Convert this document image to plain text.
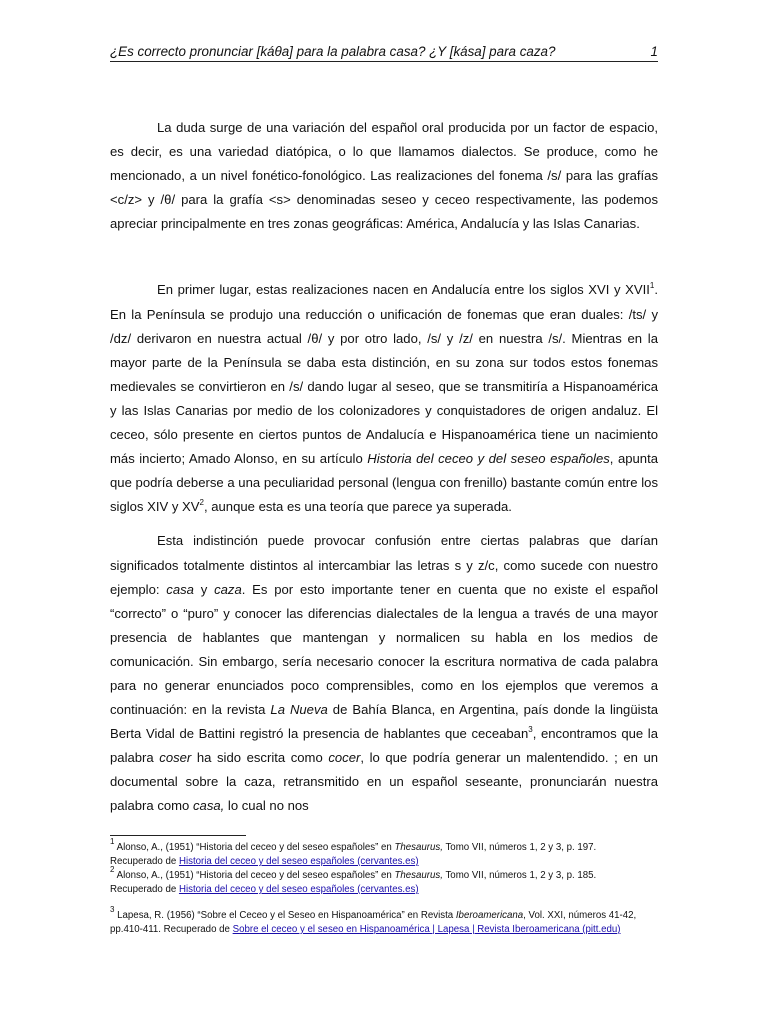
¿Es correcto pronunciar [káθa] para la palabra casa? ¿Y [kása] para caza?	1

La duda surge de una variación del español oral producida por un factor de espacio, es decir, es una variedad diatópica, o lo que llamamos dialectos. Se produce, como he mencionado, a un nivel fonético-fonológico. Las realizaciones del fonema /s/ para las grafías <c/z> y /θ/ para la grafía <s> denominadas seseo y ceceo respectivamente, las podemos apreciar principalmente en tres zonas geográficas: América, Andalucía y las Islas Canarias.

En primer lugar, estas realizaciones nacen en Andalucía entre los siglos XVI y XVII$^1$. En la Península se produjo una reducción o unificación de fonemas que eran duales: /ts/ y /dz/ derivaron en nuestra actual /θ/ y por otro lado, /s/ y /z/ en nuestra /s/. Mientras en la mayor parte de la Península se daba esta distinción, en su zona sur todos estos fonemas medievales se convirtieron en /s/ dando lugar al seseo, que se transmitiría a Hispanoamérica y las Islas Canarias por medio de los colonizadores y conquistadores de origen andaluz. El ceceo, sólo presente en ciertos puntos de Andalucía e Hispanoamérica tiene un nacimiento más incierto; Amado Alonso, en su artículo Historia del ceceo y del seseo españoles, apunta que podría deberse a una peculiaridad personal (lengua con frenillo) bastante común entre los siglos XIV y $XV^2$, aunque esta es una teoría que parece ya superada.

Esta indistinción puede provocar confusión entre ciertas palabras que darían significados totalmente distintos al intercambiar las letras s y z/c, como sucede con nuestro ejemplo: casa y caza. Es por esto importante tener en cuenta que no existe el español “correcto” o “puro” y conocer las diferencias dialectales de la lengua a través de una mayor presencia de hablantes que mantengan y normalicen su habla en los medios de comunicación. Sin embargo, sería necesario conocer la escritura normativa de cada palabra para no generar enunciados poco comprensibles, como en los ejemplos que veremos a continuación: en la revista La Nueva de Bahía Blanca, en Argentina, país donde la lingüista Berta Vidal de Battini registró la presencia de hablantes que ceceaban$^3$, encontramos que la palabra coser ha sido escrita como cocer, lo que podría generar un malentendido. ; en un documental sobre la caza, retransmitido en un español seseante, pronunciarán nuestra palabra como casa, lo cual no nos

$^1$ Alonso, A., (1951) “Historia del ceceo y del seseo españoles” en Thesaurus, Tomo VII, números 1, 2 y 3, p. 197.
Recuperado de Historia del ceceo y del seseo españoles (cervantes.es)

$^2$ Alonso, A., (1951) “Historia del ceceo y del seseo españoles” en Thesaurus, Tomo VII, números 1, 2 y 3, p. 185.
Recuperado de Historia del ceceo y del seseo españoles (cervantes.es)

$^3$ Lapesa, R. (1956) “Sobre el Ceceo y el Seseo en Hispanoamérica” en Revista Iberoamericana, Vol. XXI, números 41-42, pp.410-411. Recuperado de Sobre el ceceo y el seseo en Hispanoamérica | Lapesa | Revista Iberoamericana (pitt.edu)
